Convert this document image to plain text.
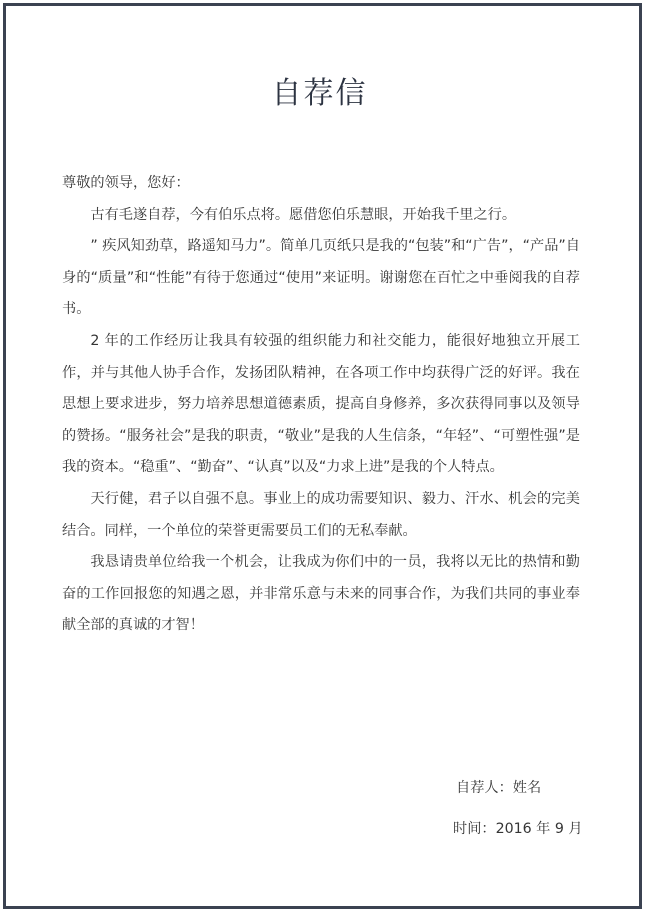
自荐信

尊敬的领导，您好：

古有毛遂自荐，今有伯乐点将。愿借您伯乐慧眼，开始我千里之行。

” 疾风知劲草，路遥知马力”。简单几页纸只是我的“包装”和“广告”，“产品”自身的“质量”和“性能”有待于您通过“使用”来证明。谢谢您在百忙之中垂阅我的自荐书。

2 年的工作经历让我具有较强的组织能力和社交能力，能很好地独立开展工作，并与其他人协手合作，发扬团队精神，在各项工作中均获得广泛的好评。我在思想上要求进步，努力培养思想道德素质，提高自身修养，多次获得同事以及领导的赞扬。“服务社会”是我的职责，“敬业”是我的人生信条，“年轻”、“可塑性强”是我的资本。“稳重”、“勤奋”、“认真”以及“力求上进”是我的个人特点。

天行健，君子以自强不息。事业上的成功需要知识、毅力、汗水、机会的完美结合。同样，一个单位的荣誉更需要员工们的无私奉献。

我恳请贵单位给我一个机会，让我成为你们中的一员，我将以无比的热情和勤奋的工作回报您的知遇之恩，并非常乐意与未来的同事合作，为我们共同的事业奉献全部的真诚的才智！

自荐人：姓名
时间：2016 年 9 月
